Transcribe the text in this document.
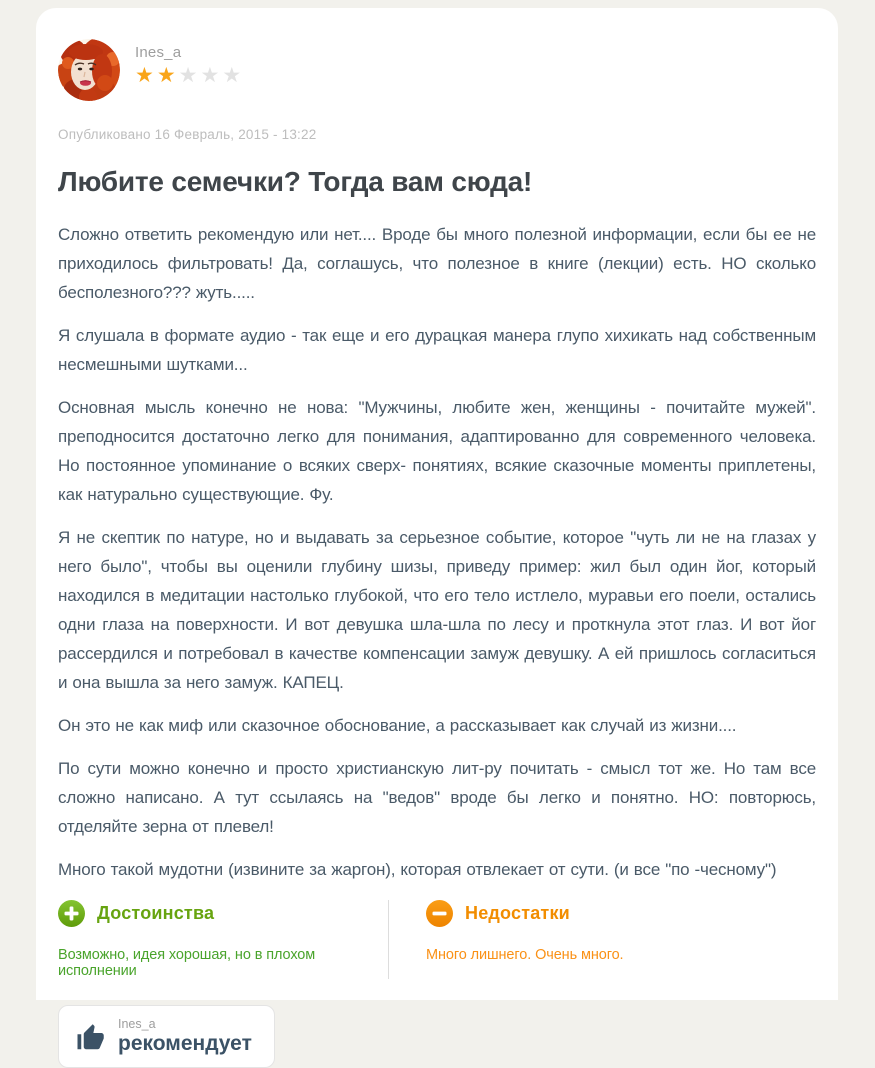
Ines_a
★★★★★
Опубликовано 16 Февраль, 2015 - 13:22
Любите семечки? Тогда вам сюда!

Сложно ответить рекомендую или нет.... Вроде бы много полезной информации, если бы ее не приходилось фильтровать! Да, соглашусь, что полезное в книге (лекции) есть. НО сколько бесполезного??? жуть.....

Я слушала в формате аудио - так еще и его дурацкая манера глупо хихикать над собственным несмешными шутками...

Основная мысль конечно не нова: "Мужчины, любите жен, женщины - почитайте мужей". преподносится достаточно легко для понимания, адаптированно для современного человека. Но постоянное упоминание о всяких сверх- понятиях, всякие сказочные моменты приплетены, как натурально существующие. Фу.

Я не скептик по натуре, но и выдавать за серьезное событие, которое "чуть ли не на глазах у него было", чтобы вы оценили глубину шизы, приведу пример: жил был один йог, который находился в медитации настолько глубокой, что его тело истлело, муравьи его поели, остались одни глаза на поверхности. И вот девушка шла-шла по лесу и проткнула этот глаз. И вот йог рассердился и потребовал в качестве компенсации замуж девушку. А ей пришлось согласиться и она вышла за него замуж. КАПЕЦ.

Он это не как миф или сказочное обоснование, а рассказывает как случай из жизни....

По сути можно конечно и просто христианскую лит-ру почитать - смысл тот же. Но там все сложно написано. А тут ссылаясь на "ведов" вроде бы легко и понятно. НО: повторюсь, отделяйте зерна от плевел!

Много такой мудотни (извините за жаргон), которая отвлекает от сути. (и все "по -чесному")

Достоинства
Возможно, идея хорошая, но в плохом исполнении
Недостатки
Много лишнего. Очень много.
Ines_a
рекомендует
